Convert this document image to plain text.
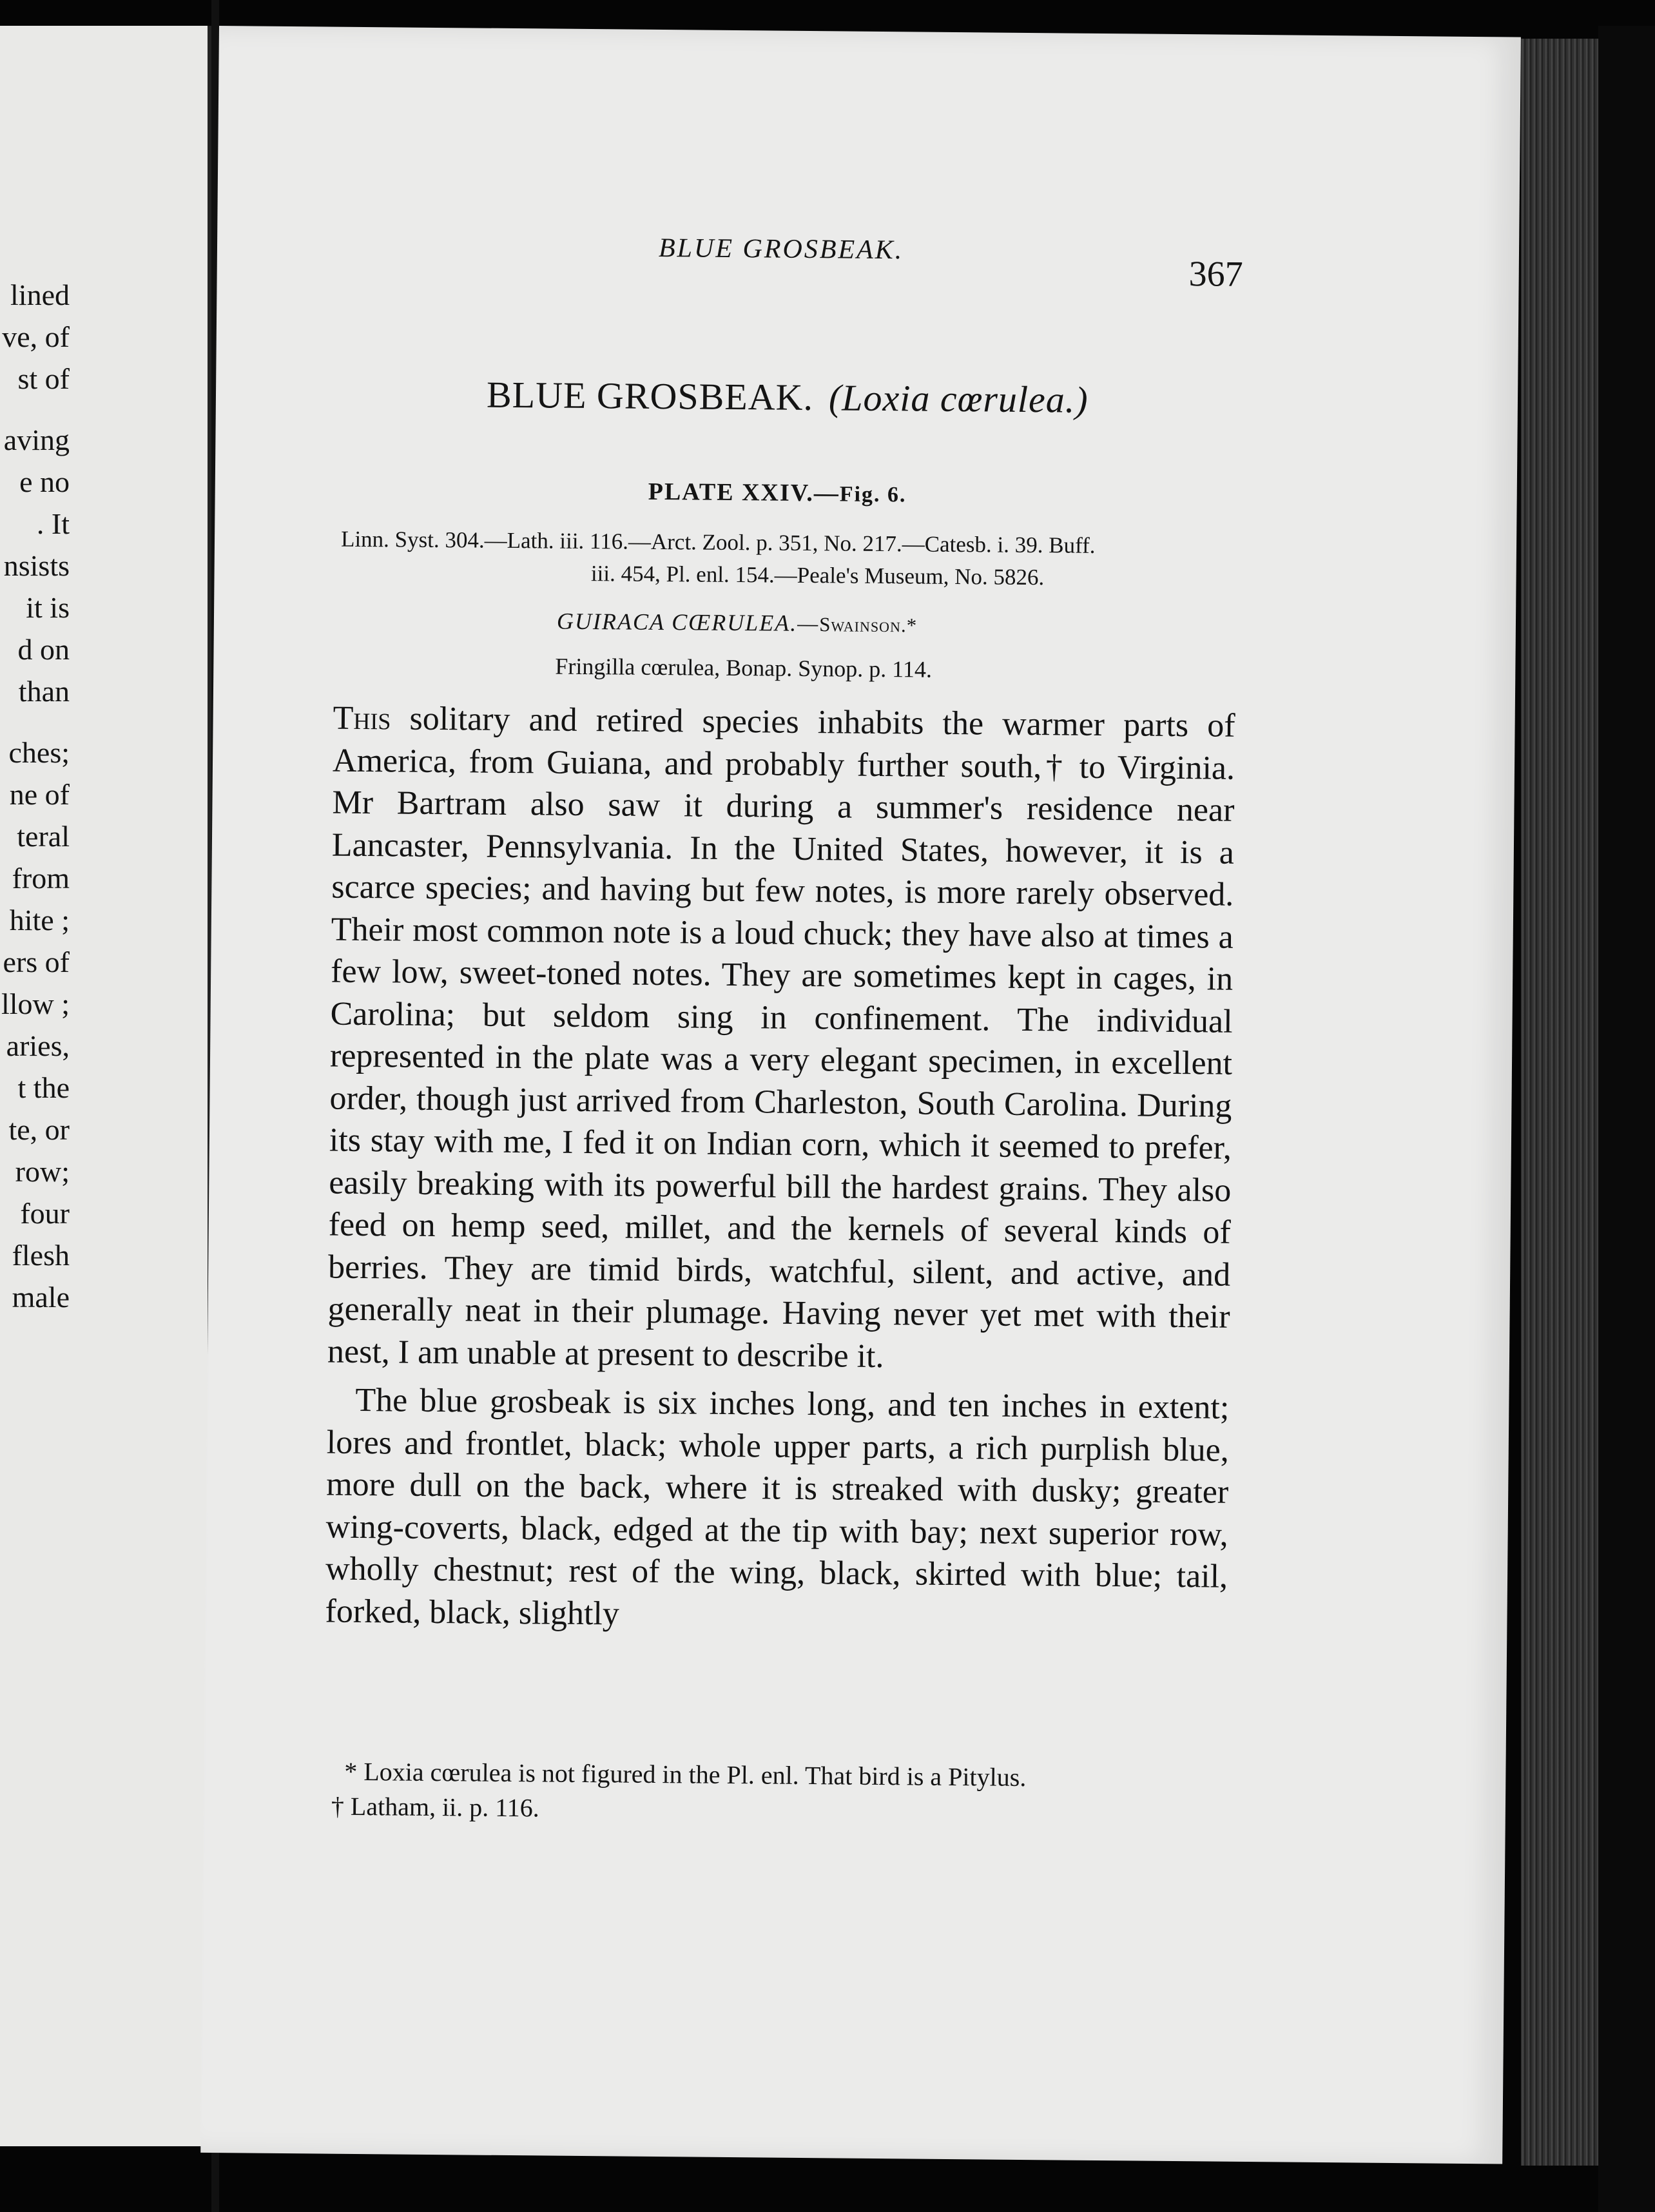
lined
ve, of
st of
aving
e no
. It
nsists
it is
d on
than
ches;
ne of
teral
from
hite ;
ers of
llow ;
aries,
t the
te, or
row;
four
flesh
male
BLUE GROSBEAK.
367
BLUE GROSBEAK. (Loxia cœrulea.)
PLATE XXIV.—Fig. 6.
Linn. Syst. 304.—Lath. iii. 116.—Arct. Zool. p. 351, No. 217.—Catesb. i. 39. Buff.
iii. 454, Pl. enl. 154.—Peale's Museum, No. 5826.
GUIRACA CŒRULEA.—Swainson.*
Fringilla cœrulea, Bonap. Synop. p. 114.

This solitary and retired species inhabits the warmer parts of America, from Guiana, and probably further south,† to Virginia. Mr Bartram also saw it during a summer's residence near Lancaster, Pennsylvania. In the United States, however, it is a scarce species; and having but few notes, is more rarely observed. Their most common note is a loud chuck; they have also at times a few low, sweet-toned notes. They are sometimes kept in cages, in Carolina; but seldom sing in confinement. The individual represented in the plate was a very elegant specimen, in excellent order, though just arrived from Charleston, South Carolina. During its stay with me, I fed it on Indian corn, which it seemed to prefer, easily breaking with its powerful bill the hardest grains. They also feed on hemp seed, millet, and the kernels of several kinds of berries. They are timid birds, watchful, silent, and active, and generally neat in their plumage. Having never yet met with their nest, I am unable at present to describe it.

The blue grosbeak is six inches long, and ten inches in extent; lores and frontlet, black; whole upper parts, a rich purplish blue, more dull on the back, where it is streaked with dusky; greater wing-coverts, black, edged at the tip with bay; next superior row, wholly chestnut; rest of the wing, black, skirted with blue; tail, forked, black, slightly

* Loxia cœrulea is not figured in the Pl. enl. That bird is a Pitylus.
† Latham, ii. p. 116.
